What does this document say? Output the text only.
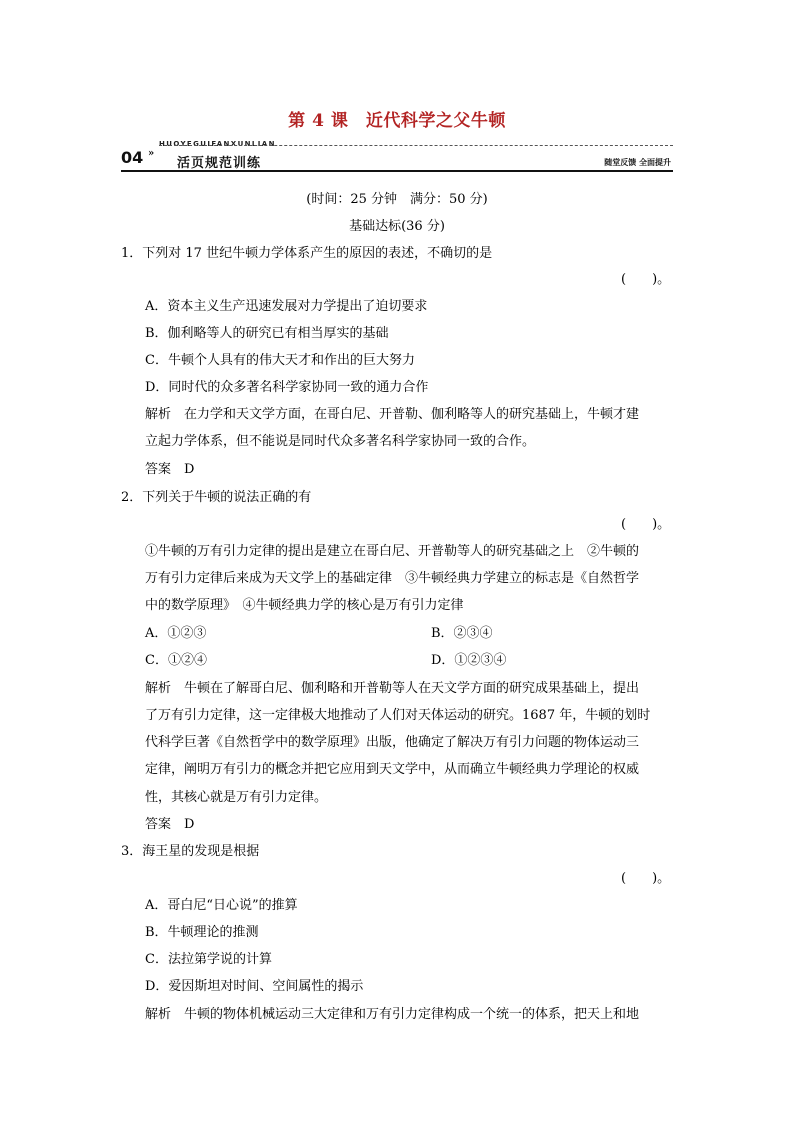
第 4 课　近代科学之父牛顿
HUOYEGUIFANXUNLIAN
04 »
活页规范训练	随堂反馈 全面提升
(时间：25 分钟　满分：50 分)
基础达标(36 分)
1．下列对 17 世纪牛顿力学体系产生的原因的表述，不确切的是
(　　)。
A．资本主义生产迅速发展对力学提出了迫切要求
B．伽利略等人的研究已有相当厚实的基础
C．牛顿个人具有的伟大天才和作出的巨大努力
D．同时代的众多著名科学家协同一致的通力合作
解析　在力学和天文学方面，在哥白尼、开普勒、伽利略等人的研究基础上，牛顿才建
立起力学体系，但不能说是同时代众多著名科学家协同一致的合作。
答案　D
2．下列关于牛顿的说法正确的有
(　　)。
①牛顿的万有引力定律的提出是建立在哥白尼、开普勒等人的研究基础之上　②牛顿的
万有引力定律后来成为天文学上的基础定律　③牛顿经典力学建立的标志是《自然哲学
中的数学原理》　④牛顿经典力学的核心是万有引力定律
A．①②③	B．②③④
C．①②④	D．①②③④
解析　牛顿在了解哥白尼、伽利略和开普勒等人在天文学方面的研究成果基础上，提出
了万有引力定律，这一定律极大地推动了人们对天体运动的研究。1687 年，牛顿的划时
代科学巨著《自然哲学中的数学原理》出版，他确定了解决万有引力问题的物体运动三
定律，阐明万有引力的概念并把它应用到天文学中，从而确立牛顿经典力学理论的权威
性，其核心就是万有引力定律。
答案　D
3．海王星的发现是根据
(　　)。
A．哥白尼“日心说”的推算
B．牛顿理论的推测
C．法拉第学说的计算
D．爱因斯坦对时间、空间属性的揭示
解析　牛顿的物体机械运动三大定律和万有引力定律构成一个统一的体系，把天上和地
